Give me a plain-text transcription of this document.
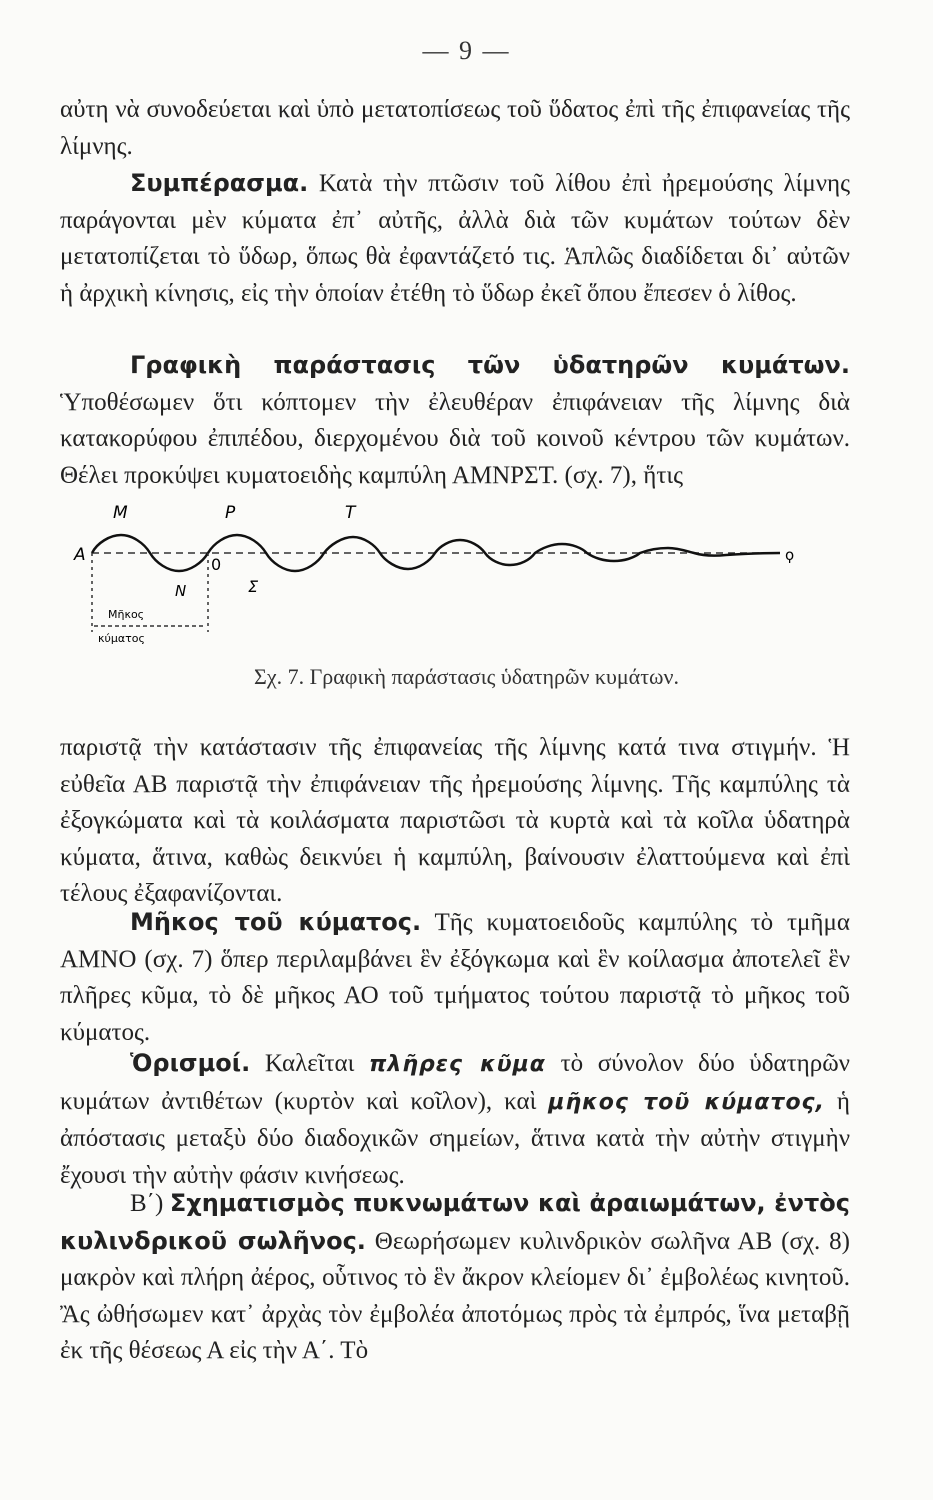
— 9 —
αὐτη νὰ συνοδεύεται καὶ ὑπὸ μετατοπίσεως τοῦ ὕδατος ἐπὶ τῆς ἐπιφανείας τῆς λίμνης.
Συμπέρασμα. Κατὰ τὴν πτῶσιν τοῦ λίθου ἐπὶ ἠρεμούσης λίμνης παράγονται μὲν κύματα ἐπ᾽ αὐτῆς, ἀλλὰ διὰ τῶν κυμάτων τούτων δὲν μετατοπίζεται τὸ ὕδωρ, ὅπως θὰ ἐφαντάζετό τις. Ἁπλῶς διαδίδεται δι᾽ αὐτῶν ἡ ἀρχικὴ κίνησις, εἰς τὴν ὁποίαν ἐτέθη τὸ ὕδωρ ἐκεῖ ὅπου ἔπεσεν ὁ λίθος.
Γραφικὴ παράστασις τῶν ὑδατηρῶν κυμάτων. Ὑποθέσωμεν ὅτι κόπτομεν τὴν ἐλευθέραν ἐπιφάνειαν τῆς λίμνης διὰ κατακορύφου ἐπιπέδου, διερχομένου διὰ τοῦ κοινοῦ κέντρου τῶν κυμάτων. Θέλει προκύψει κυματοειδὴς καμπύλη ΑΜΝΡΣΤ. (σχ. 7), ἥτις
Μ	Ρ	Τ
Α	0
Ν	Σ
ϙ
Μῆκος
κύματος
Σχ. 7. Γραφικὴ παράστασις ὑδατηρῶν κυμάτων.
παριστᾷ τὴν κατάστασιν τῆς ἐπιφανείας τῆς λίμνης κατά τινα στιγμήν. Ἡ εὐθεῖα ΑΒ παριστᾷ τὴν ἐπιφάνειαν τῆς ἠρεμούσης λίμνης. Τῆς καμπύλης τὰ ἐξογκώματα καὶ τὰ κοιλάσματα παριστῶσι τὰ κυρτὰ καὶ τὰ κοῖλα ὑδατηρὰ κύματα, ἅτινα, καθὼς δεικνύει ἡ καμπύλη, βαίνουσιν ἐλαττούμενα καὶ ἐπὶ τέλους ἐξαφανίζονται.
Μῆκος τοῦ κύματος. Τῆς κυματοειδοῦς καμπύλης τὸ τμῆμα ΑΜΝΟ (σχ. 7) ὅπερ περιλαμβάνει ἓν ἐξόγκωμα καὶ ἓν κοίλασμα ἀποτελεῖ ἓν πλῆρες κῦμα, τὸ δὲ μῆκος ΑΟ τοῦ τμήματος τούτου παριστᾷ τὸ μῆκος τοῦ κύματος.
Ὁρισμοί. Καλεῖται πλῆρες κῦμα τὸ σύνολον δύο ὑδατηρῶν κυμάτων ἀντιθέτων (κυρτὸν καὶ κοῖλον), καὶ μῆκος τοῦ κύματος, ἡ ἀπόστασις μεταξὺ δύο διαδοχικῶν σημείων, ἅτινα κατὰ τὴν αὐτὴν στιγμὴν ἔχουσι τὴν αὐτὴν φάσιν κινήσεως.
Β΄) Σχηματισμὸς πυκνωμάτων καὶ ἀραιωμάτων, ἐντὸς κυλινδρικοῦ σωλῆνος. Θεωρήσωμεν κυλινδρικὸν σωλῆνα ΑΒ (σχ. 8) μακρὸν καὶ πλήρη ἀέρος, οὗτινος τὸ ἓν ἄκρον κλείομεν δι᾽ ἐμβολέως κινητοῦ. Ἂς ὠθήσωμεν κατ᾽ ἀρχὰς τὸν ἐμβολέα ἀποτόμως πρὸς τὰ ἐμπρός, ἵνα μεταβῇ ἐκ τῆς θέσεως Α εἰς τὴν Α΄. Τὸ
